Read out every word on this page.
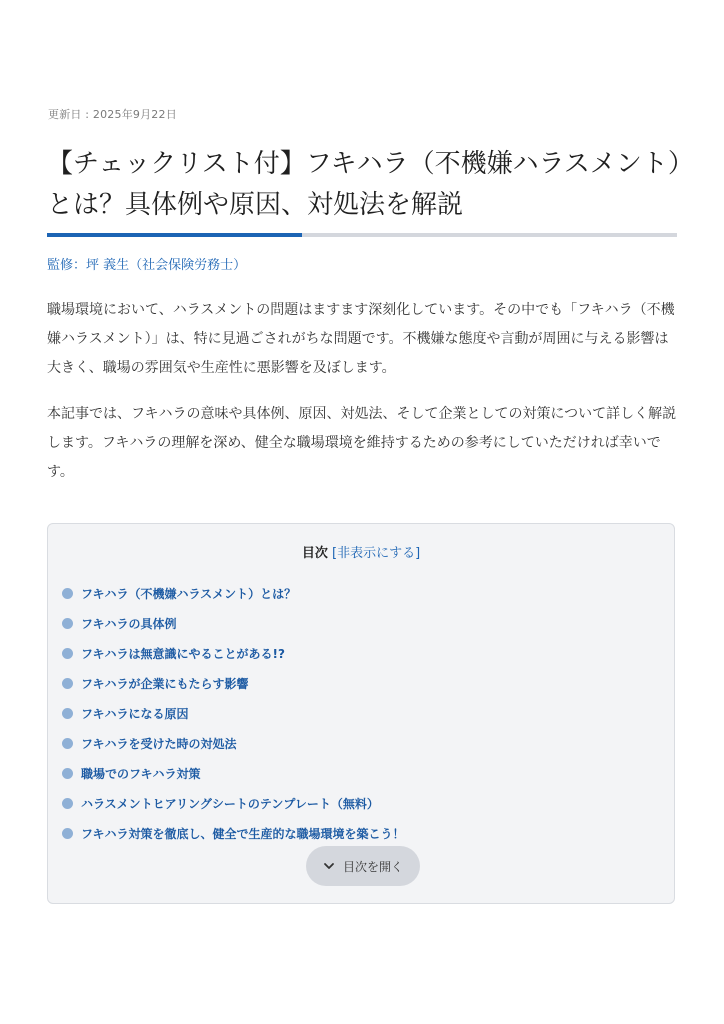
更新日 : 2025年9月22日
【チェックリスト付】フキハラ（不機嫌ハラスメント）とは？具体例や原因、対処法を解説
監修：坪 義生（社会保険労務士）

職場環境において、ハラスメントの問題はますます深刻化しています。その中でも「フキハラ（不機嫌ハラスメント）」は、特に見過ごされがちな問題です。不機嫌な態度や言動が周囲に与える影響は大きく、職場の雰囲気や生産性に悪影響を及ぼします。

本記事では、フキハラの意味や具体例、原因、対処法、そして企業としての対策について詳しく解説します。フキハラの理解を深め、健全な職場環境を維持するための参考にしていただければ幸いです。

目次 [非表示にする]
フキハラ（不機嫌ハラスメント）とは？
フキハラの具体例
フキハラは無意識にやることがある!?
フキハラが企業にもたらす影響
フキハラになる原因
フキハラを受けた時の対処法
職場でのフキハラ対策
ハラスメントヒアリングシートのテンプレート（無料）
フキハラ対策を徹底し、健全で生産的な職場環境を築こう！
目次を開く
